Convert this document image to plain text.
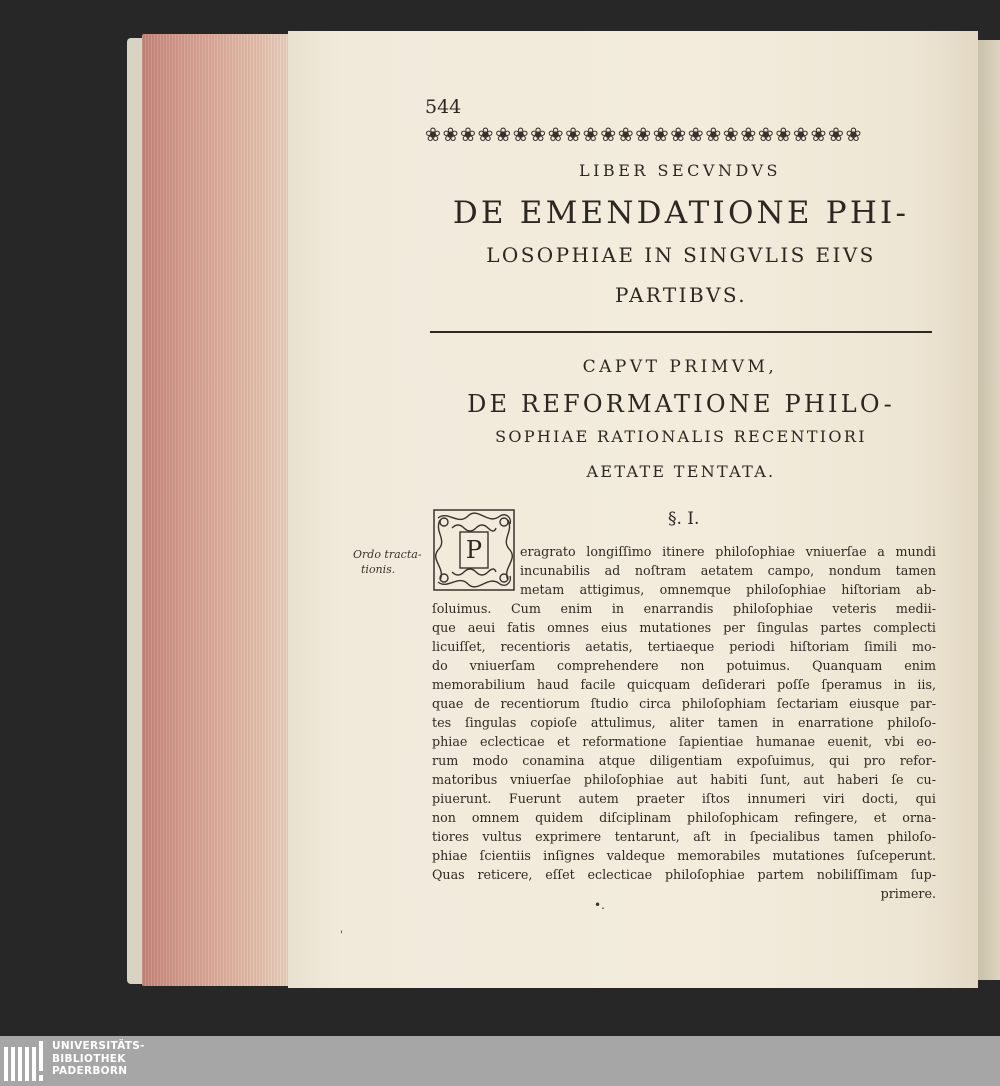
544
❀❀❀❀❀❀❀❀❀❀❀❀❀❀❀❀❀❀❀❀❀❀❀❀❀
LIBER SECVNDVS
DE EMENDATIONE PHI-
LOSOPHIAE IN SINGVLIS EIVS
PARTIBVS.
CAPVT PRIMVM,
DE REFORMATIONE PHILO-
SOPHIAE RATIONALIS RECENTIORI
AETATE TENTATA.
§. I.
P
Ordo tracta-
tionis.
eragrato longiſſimo itinere philoſophiae vniuerſae a mundi
incunabilis ad noſtram aetatem campo, nondum tamen
metam attigimus, omnemque philoſophiae hiſtoriam ab-
ſoluimus. Cum enim in enarrandis philoſophiae veteris medii-
que aeui fatis omnes eius mutationes per ſingulas partes complecti
licuiſſet, recentioris aetatis, tertiaeque periodi hiſtoriam ſimili mo-
do vniuerſam comprehendere non potuimus. Quanquam enim
memorabilium haud facile quicquam deſiderari poſſe ſperamus in iis,
quae de recentiorum ſtudio circa philoſophiam ſectariam eiusque par-
tes ſingulas copioſe attulimus, aliter tamen in enarratione philoſo-
phiae eclecticae et reformatione ſapientiae humanae euenit, vbi eo-
rum modo conamina atque diligentiam expoſuimus, qui pro refor-
matoribus vniuerſae philoſophiae aut habiti ſunt, aut haberi ſe cu-
piuerunt. Fuerunt autem praeter iſtos innumeri viri docti, qui
non omnem quidem diſciplinam philoſophicam refingere, et orna-
tiores vultus exprimere tentarunt, aſt in ſpecialibus tamen philoſo-
phiae ſcientiis inſignes valdeque memorabiles mutationes ſuſceperunt.
Quas reticere, eſſet eclecticae philoſophiae partem nobiliſſimam ſup-
primere.
•.
'
UNIVERSITÄTS-
BIBLIOTHEK
PADERBORN
